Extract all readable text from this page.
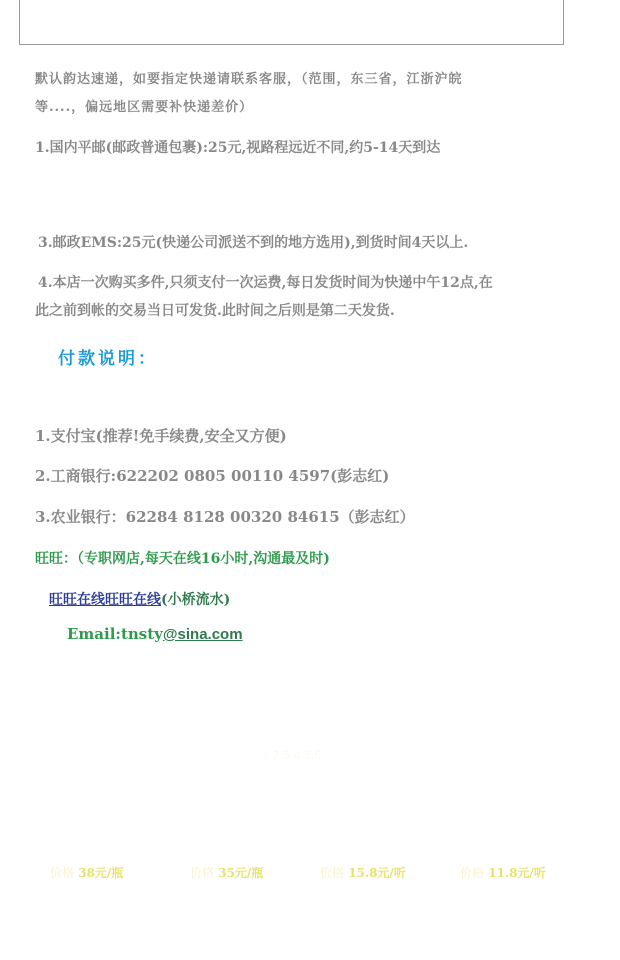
默认韵达速递，如要指定快递请联系客服，（范围，东三省，江浙沪皖
等....，偏远地区需要补快递差价）
1.国内平邮(邮政普通包裹):25元,视路程远近不同,约5-14天到达
3.邮政EMS:25元(快递公司派送不到的地方选用),到货时间4天以上.
4.本店一次购买多件,只须支付一次运费,每日发货时间为快递中午12点,在
此之前到帐的交易当日可发货.此时间之后则是第二天发货.
付款说明：
1.支付宝(推荐!免手续费,安全又方便)
2.工商银行:622202 0805 00110 4597(彭志红)
3.农业银行：62284 8128 00320 84615（彭志红）
旺旺：（专职网店,每天在线16小时,沟通最及时)
旺旺在线旺旺在线(小桥流水)
Email:tnsty@sina.com
1 2 3 4 5 6
·	·	·	·
价格 38元/瓶	价格 35元/瓶	价格 15.8元/听	价格 11.8元/听
